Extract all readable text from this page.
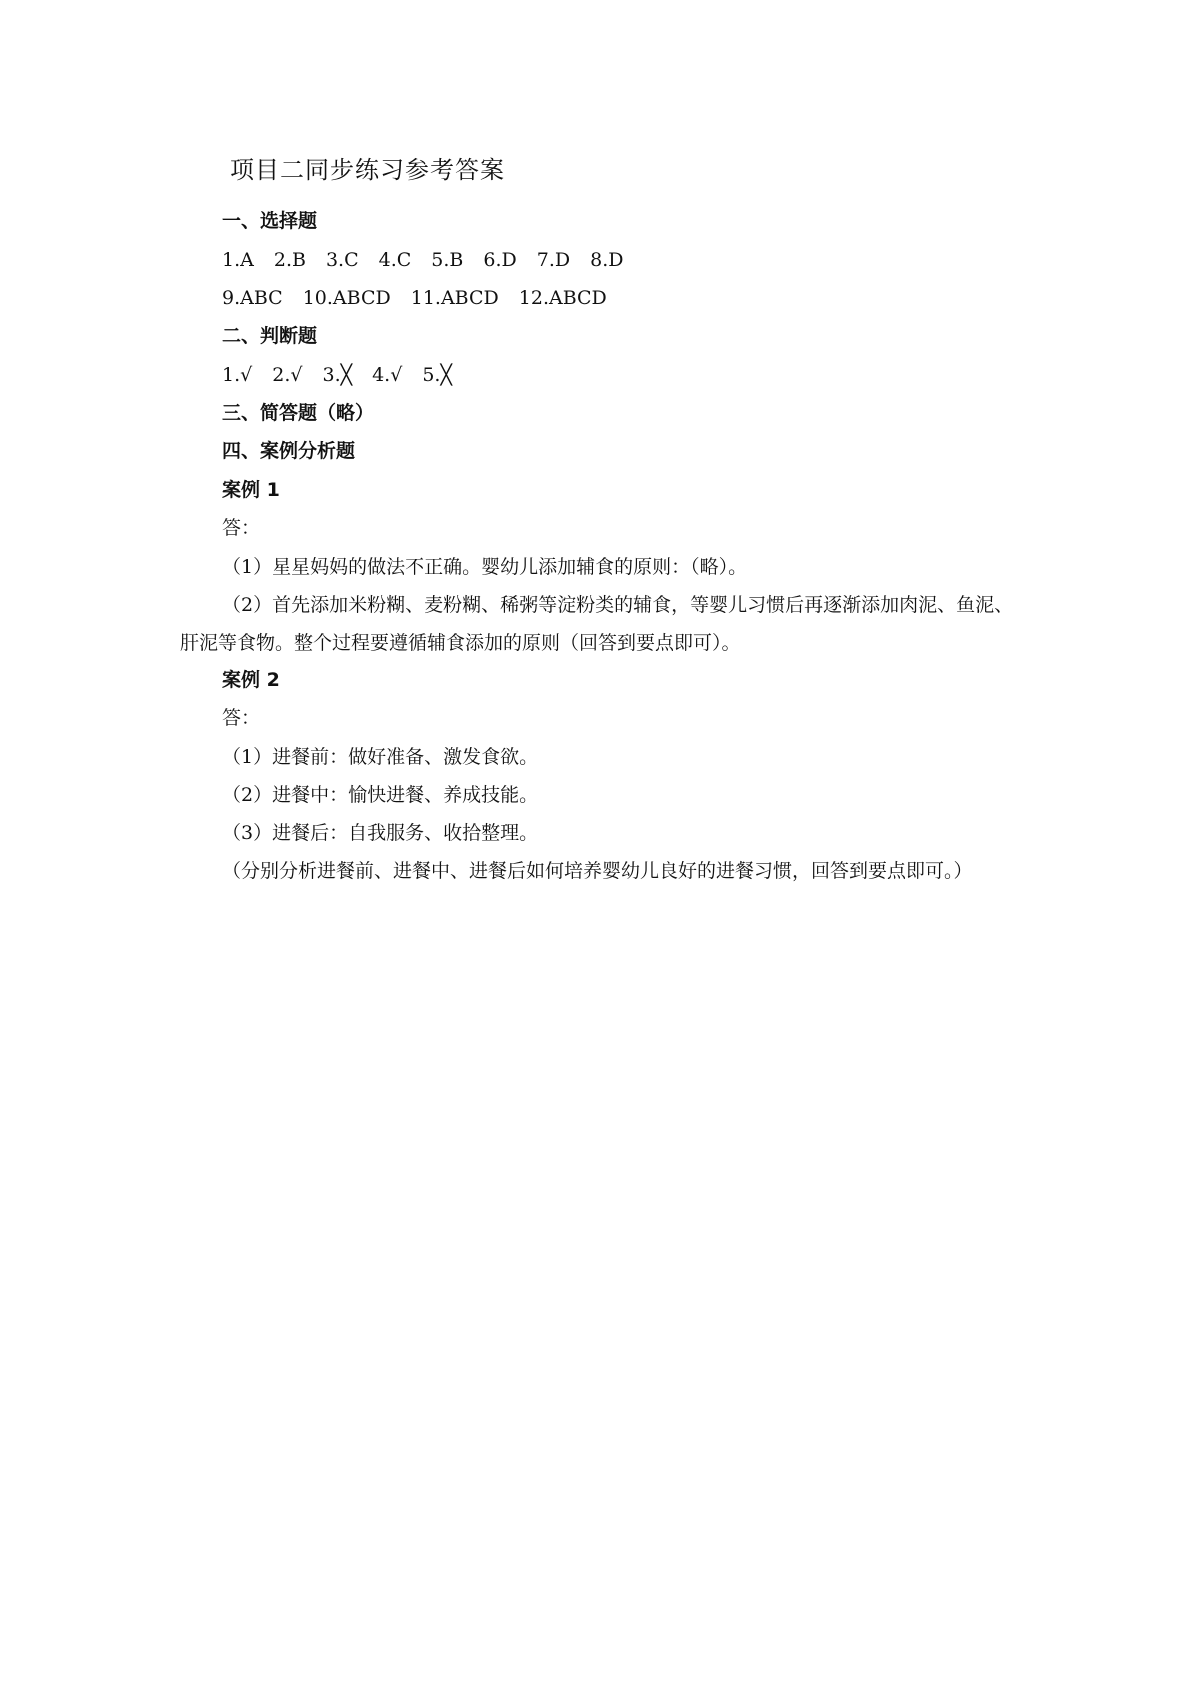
项目二同步练习参考答案
一、选择题
1.A 2.B 3.C 4.C 5.B 6.D 7.D 8.D
9.ABC 10.ABCD 11.ABCD 12.ABCD
二、判断题
1.√ 2.√ 3.╳ 4.√ 5.╳
三、简答题（略）
四、案例分析题
案例 1
答：
（1）星星妈妈的做法不正确。婴幼儿添加辅食的原则：（略）。
（2）首先添加米粉糊、麦粉糊、稀粥等淀粉类的辅食，等婴儿习惯后再逐渐添加肉泥、鱼泥、肝泥等食物。整个过程要遵循辅食添加的原则（回答到要点即可）。
案例 2
答：
（1）进餐前：做好准备、激发食欲。
（2）进餐中：愉快进餐、养成技能。
（3）进餐后：自我服务、收拾整理。
（分别分析进餐前、进餐中、进餐后如何培养婴幼儿良好的进餐习惯，回答到要点即可。）
